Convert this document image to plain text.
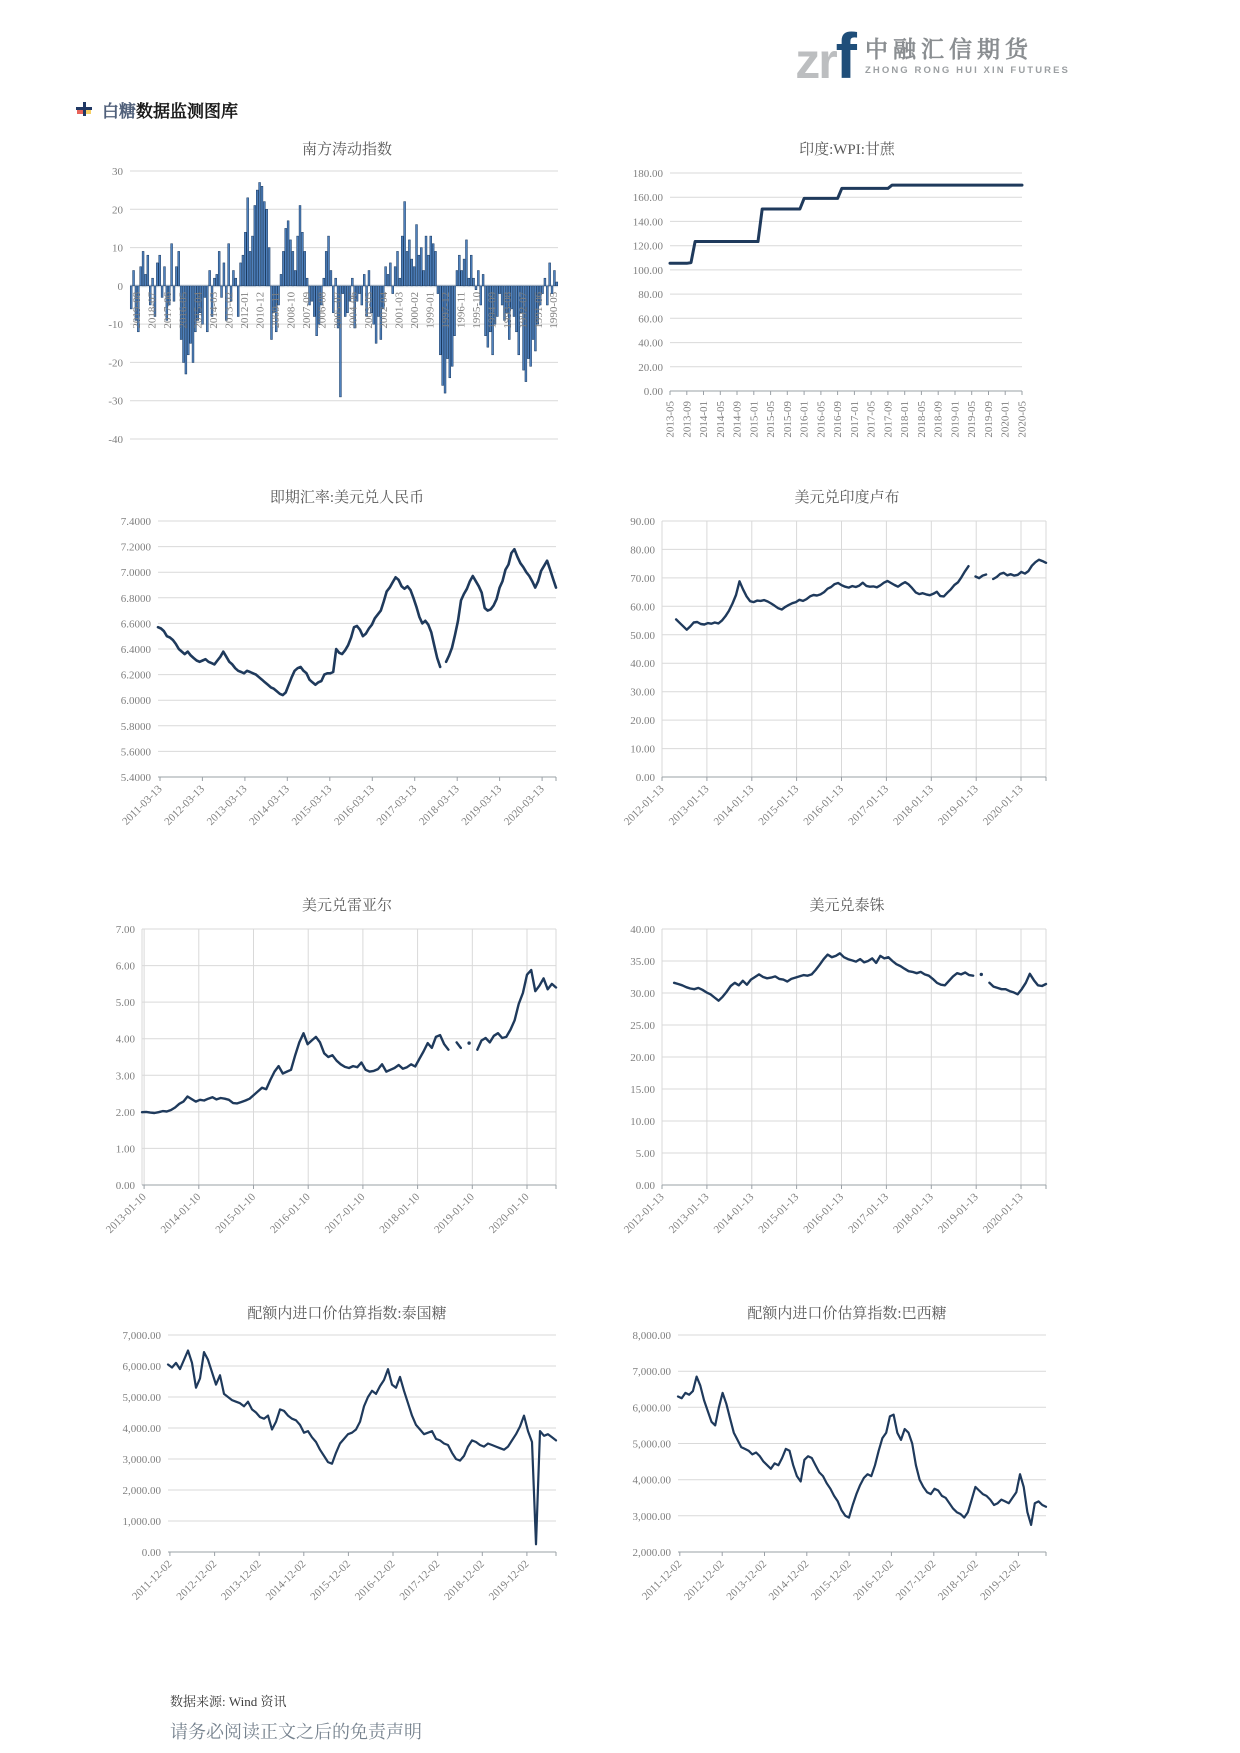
zr f 中融汇信期货
ZHONG RONG HUI XIN FUTURES
白糖数据监测图库
南方涛动指数
-40
-30
-20
-10
0
10
20
30
2019-08 2018-07 2017-06 2016-05 2015-04 2014-03 2013-02 2012-01 2010-12 2009-11 2008-10 2007-09 2006-08 2005-07 2004-06 2003-05 2002-04 2001-03 2000-02 1999-01 1997-12 1996-11 1995-10 1994-09 1993-08 1992-07 1991-06 1990-05
印度:WPI:甘蔗
0.00
20.00
40.00
60.00
80.00
100.00
120.00
140.00
160.00
180.00
2013-05 2013-09 2014-01 2014-05 2014-09 2015-01 2015-05 2015-09 2016-01 2016-05 2016-09 2017-01 2017-05 2017-09 2018-01 2018-05 2018-09 2019-01 2019-05 2019-09 2020-01 2020-05
即期汇率:美元兑人民币
5.4000
5.6000
5.8000
6.0000
6.2000
6.4000
6.6000
6.8000
7.0000
7.2000
7.4000
2011-03-13
2012-03-13
2013-03-13
2014-03-13
2015-03-13
2016-03-13
2017-03-13
2018-03-13
2019-03-13
2020-03-13
美元兑印度卢布
0.00
10.00
20.00
30.00
40.00
50.00
60.00
70.00
80.00
90.00
2012-01-13 2013-01-13 2014-01-13 2015-01-13 2016-01-13 2017-01-13 2018-01-13 2019-01-13 2020-01-13
美元兑雷亚尔
0.00
1.00
2.00
3.00
4.00
5.00
6.00
7.00
2013-01-10 2014-01-10 2015-01-10 2016-01-10 2017-01-10 2018-01-10 2019-01-10 2020-01-10
美元兑泰铢
0.00
5.00
10.00
15.00
20.00
25.00
30.00
35.00
40.00
2012-01-13 2013-01-13 2014-01-13 2015-01-13 2016-01-13 2017-01-13 2018-01-13 2019-01-13 2020-01-13
配额内进口价估算指数:泰国糖
0.00
1,000.00
2,000.00
3,000.00
4,000.00
5,000.00
6,000.00
7,000.00
2011-12-02 2012-12-02 2013-12-02 2014-12-02 2015-12-02 2016-12-02 2017-12-02 2018-12-02 2019-12-02
配额内进口价估算指数:巴西糖
2,000.00
3,000.00
4,000.00
5,000.00
6,000.00
7,000.00
8,000.00
2011-12-02
2012-12-02
2013-12-02
2014-12-02
2015-12-02
2016-12-02
2017-12-02
2018-12-02
2019-12-02
数据来源: Wind 资讯
请务必阅读正文之后的免责声明
